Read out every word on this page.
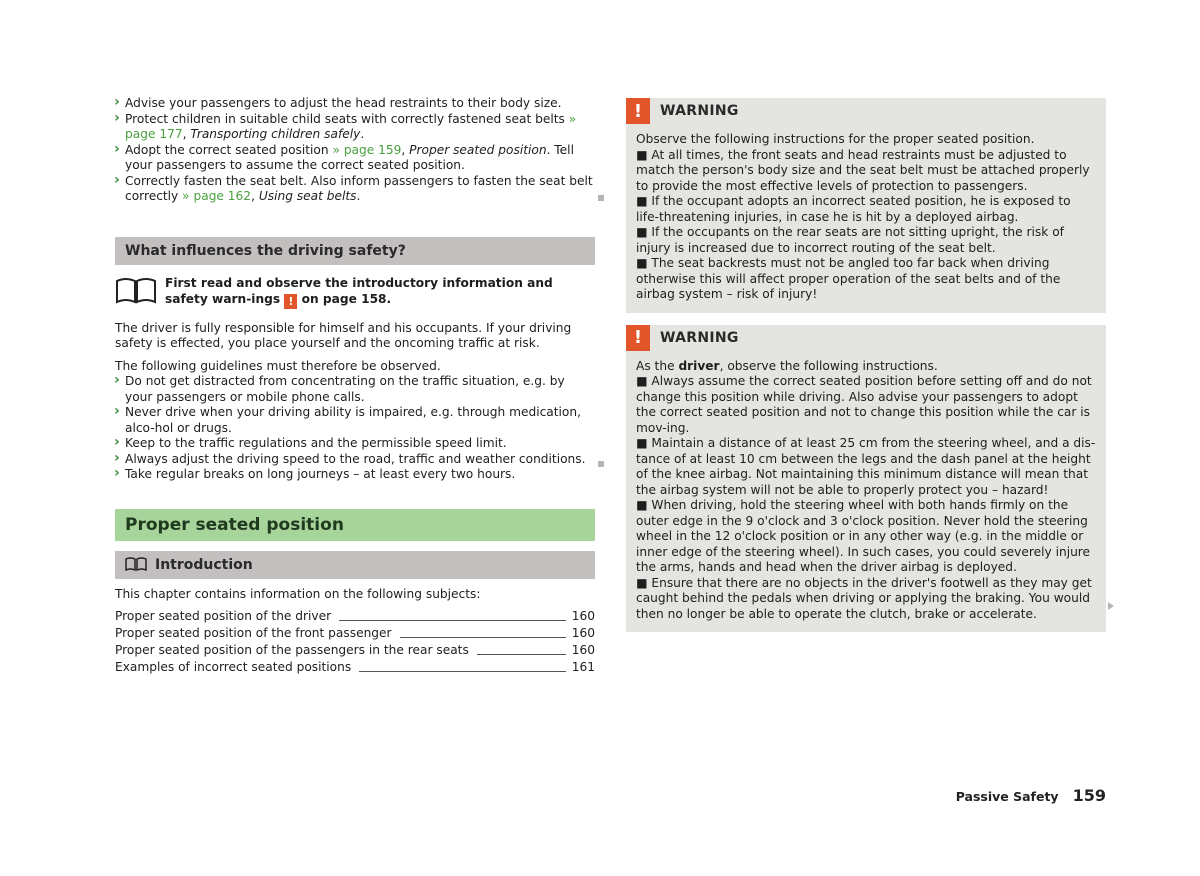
› Advise your passengers to adjust the head restraints to their body size.
› Protect children in suitable child seats with correctly fastened seat belts » page 177, Transporting children safely.
› Adopt the correct seated position » page 159, Proper seated position. Tell your passengers to assume the correct seated position.
› Correctly fasten the seat belt. Also inform passengers to fasten the seat belt correctly » page 162, Using seat belts.
What influences the driving safety?
First read and observe the introductory information and safety warn-ings ! on page 158.
The driver is fully responsible for himself and his occupants. If your driving safety is effected, you place yourself and the oncoming traffic at risk.
The following guidelines must therefore be observed.
› Do not get distracted from concentrating on the traffic situation, e.g. by your passengers or mobile phone calls.
› Never drive when your driving ability is impaired, e.g. through medication, alco-hol or drugs.
› Keep to the traffic regulations and the permissible speed limit.
› Always adjust the driving speed to the road, traffic and weather conditions.
› Take regular breaks on long journeys – at least every two hours.
Proper seated position
Introduction
This chapter contains information on the following subjects:
Proper seated position of the driver	160
Proper seated position of the front passenger	160
Proper seated position of the passengers in the rear seats	160
Examples of incorrect seated positions	161
!	WARNING
Observe the following instructions for the proper seated position.
■ At all times, the front seats and head restraints must be adjusted to match the person's body size and the seat belt must be attached properly to provide the most effective levels of protection to passengers.
■ If the occupant adopts an incorrect seated position, he is exposed to life-threatening injuries, in case he is hit by a deployed airbag.
■ If the occupants on the rear seats are not sitting upright, the risk of injury is increased due to incorrect routing of the seat belt.
■ The seat backrests must not be angled too far back when driving otherwise this will affect proper operation of the seat belts and of the airbag system – risk of injury!
!	WARNING
As the driver, observe the following instructions.
■ Always assume the correct seated position before setting off and do not change this position while driving. Also advise your passengers to adopt the correct seated position and not to change this position while the car is mov-ing.
■ Maintain a distance of at least 25 cm from the steering wheel, and a dis-tance of at least 10 cm between the legs and the dash panel at the height of the knee airbag. Not maintaining this minimum distance will mean that the airbag system will not be able to properly protect you – hazard!
■ When driving, hold the steering wheel with both hands firmly on the outer edge in the 9 o'clock and 3 o'clock position. Never hold the steering wheel in the 12 o'clock position or in any other way (e.g. in the middle or inner edge of the steering wheel). In such cases, you could severely injure the arms, hands and head when the driver airbag is deployed.
■ Ensure that there are no objects in the driver's footwell as they may get caught behind the pedals when driving or applying the braking. You would then no longer be able to operate the clutch, brake or accelerate.
Passive Safety 159
